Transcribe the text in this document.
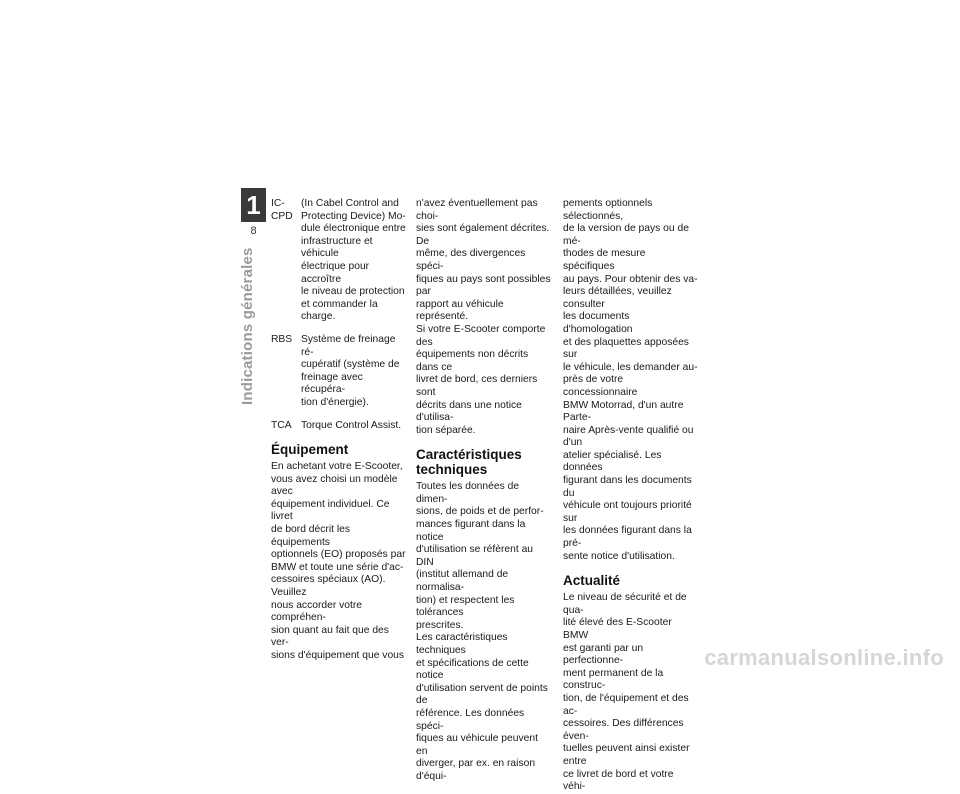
1
8
Indications générales
IC-
CPD
(In Cabel Control and
Protecting Device) Mo-
dule électronique entre
infrastructure et véhicule
électrique pour accroître
le niveau de protection
et commander la charge.
RBS Système de freinage ré-
cupératif (système de
freinage avec récupéra-
tion d'énergie).
TCA Torque Control Assist.
Équipement

En achetant votre E-Scooter,
vous avez choisi un modèle avec
équipement individuel. Ce livret
de bord décrit les équipements
optionnels (EO) proposés par
BMW et toute une série d'ac-
cessoires spéciaux (AO). Veuillez
nous accorder votre compréhen-
sion quant au fait que des ver-
sions d'équipement que vous

n'avez éventuellement pas choi-
sies sont également décrites. De
même, des divergences spéci-
fiques au pays sont possibles par
rapport au véhicule représenté.
Si votre E-Scooter comporte des
équipements non décrits dans ce
livret de bord, ces derniers sont
décrits dans une notice d'utilisa-
tion séparée.

Caractéristiques
techniques

Toutes les données de dimen-
sions, de poids et de perfor-
mances figurant dans la notice
d'utilisation se réfèrent au DIN
(institut allemand de normalisa-
tion) et respectent les tolérances
prescrites.
Les caractéristiques techniques
et spécifications de cette notice
d'utilisation servent de points de
référence. Les données spéci-
fiques au véhicule peuvent en
diverger, par ex. en raison d'équi-

pements optionnels sélectionnés,
de la version de pays ou de mé-
thodes de mesure spécifiques
au pays. Pour obtenir des va-
leurs détaillées, veuillez consulter
les documents d'homologation
et des plaquettes apposées sur
le véhicule, les demander au-
près de votre concessionnaire
BMW Motorrad, d'un autre Parte-
naire Après-vente qualifié ou d'un
atelier spécialisé. Les données
figurant dans les documents du
véhicule ont toujours priorité sur
les données figurant dans la pré-
sente notice d'utilisation.

Actualité

Le niveau de sécurité et de qua-
lité élevé des E-Scooter BMW
est garanti par un perfectionne-
ment permanent de la construc-
tion, de l'équipement et des ac-
cessoires. Des différences éven-
tuelles peuvent ainsi exister entre
ce livret de bord et votre véhi-

carmanualsonline.info
